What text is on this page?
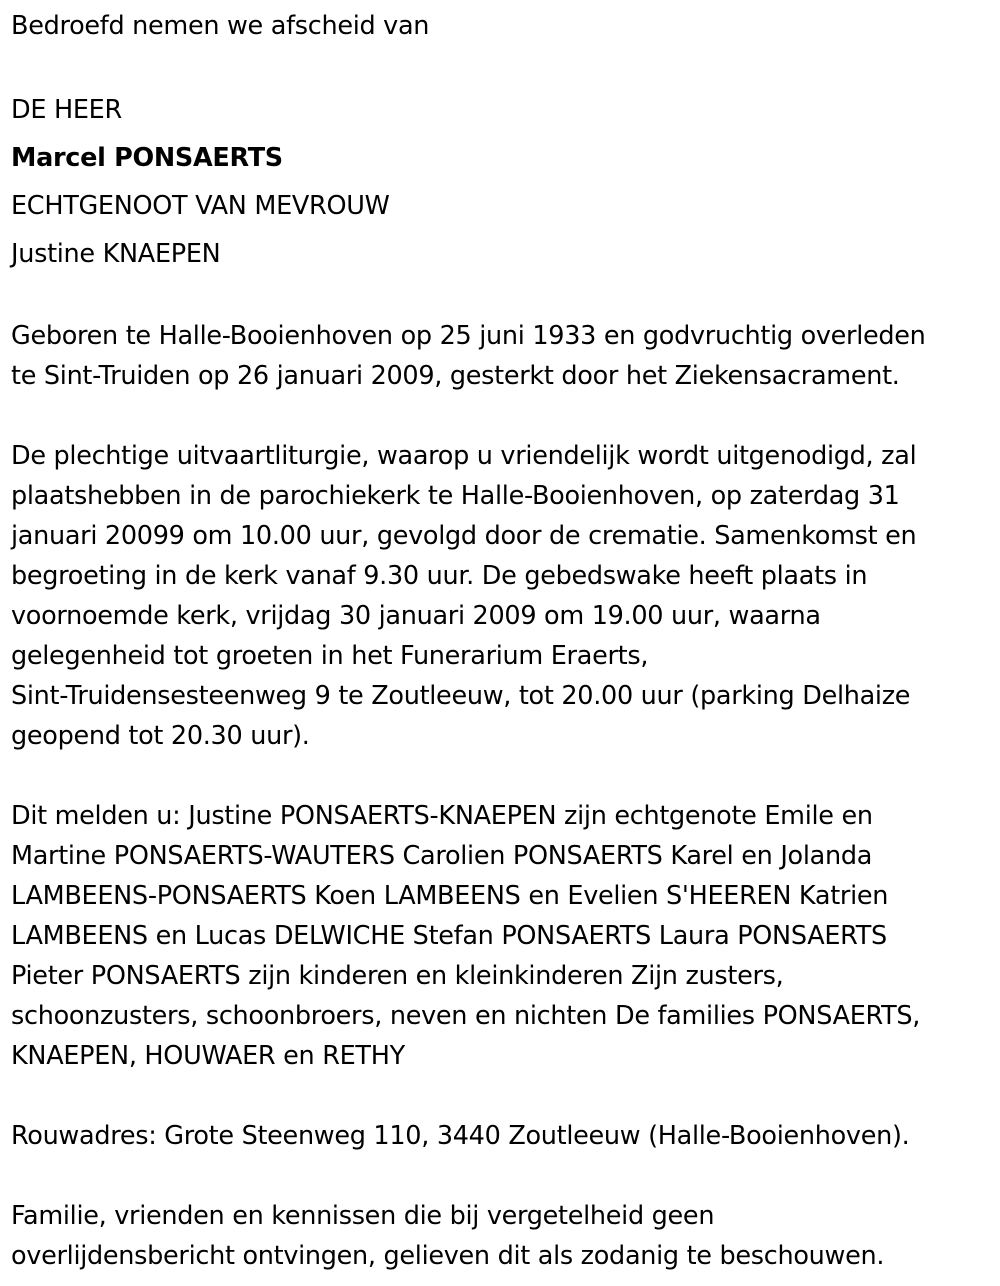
Bedroefd nemen we afscheid van
DE HEER
Marcel PONSAERTS
ECHTGENOOT VAN MEVROUW
Justine KNAEPEN
Geboren te Halle-Booienhoven op 25 juni 1933 en godvruchtig overleden
te Sint-Truiden op 26 januari 2009, gesterkt door het Ziekensacrament.
De plechtige uitvaartliturgie, waarop u vriendelijk wordt uitgenodigd, zal
plaatshebben in de parochiekerk te Halle-Booienhoven, op zaterdag 31
januari 20099 om 10.00 uur, gevolgd door de crematie. Samenkomst en
begroeting in de kerk vanaf 9.30 uur. De gebedswake heeft plaats in
voornoemde kerk, vrijdag 30 januari 2009 om 19.00 uur, waarna
gelegenheid tot groeten in het Funerarium Eraerts,
Sint-Truidensesteenweg 9 te Zoutleeuw, tot 20.00 uur (parking Delhaize
geopend tot 20.30 uur).
Dit melden u: Justine PONSAERTS-KNAEPEN zijn echtgenote Emile en
Martine PONSAERTS-WAUTERS Carolien PONSAERTS Karel en Jolanda
LAMBEENS-PONSAERTS Koen LAMBEENS en Evelien S'HEEREN Katrien
LAMBEENS en Lucas DELWICHE Stefan PONSAERTS Laura PONSAERTS
Pieter PONSAERTS zijn kinderen en kleinkinderen Zijn zusters,
schoonzusters, schoonbroers, neven en nichten De families PONSAERTS,
KNAEPEN, HOUWAER en RETHY
Rouwadres: Grote Steenweg 110, 3440 Zoutleeuw (Halle-Booienhoven).
Familie, vrienden en kennissen die bij vergetelheid geen
overlijdensbericht ontvingen, gelieven dit als zodanig te beschouwen.
